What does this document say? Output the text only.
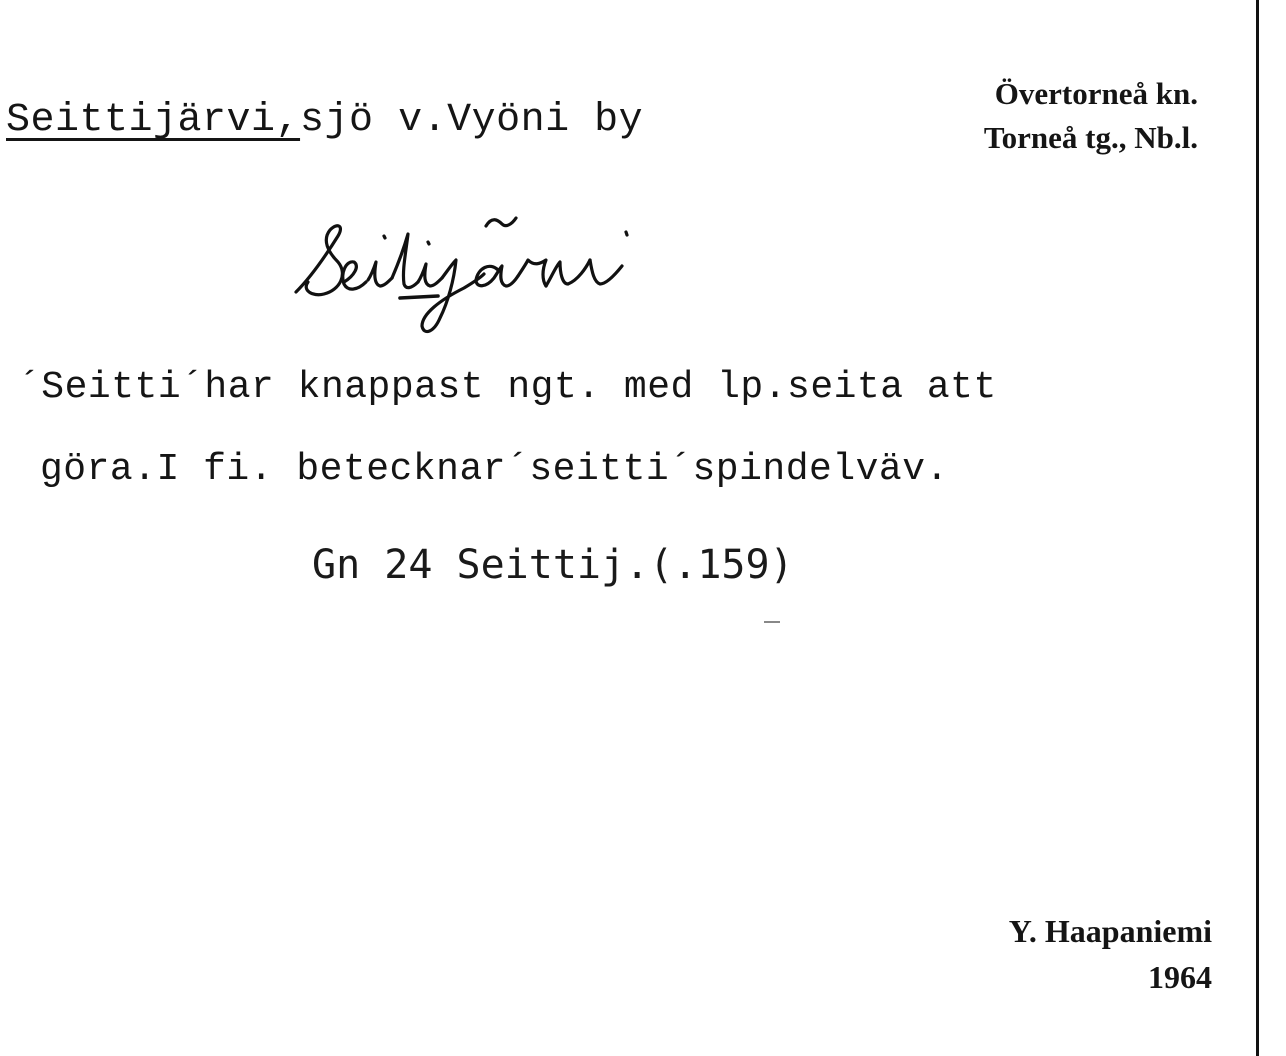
Seittijärvi,sjö v.Vyöni by
Övertorneå kn.
Torneå tg., Nb.l.
´Seitti´har knappast ngt. med lp.seita att
göra.I fi. betecknar´seitti´spindelväv.
Gn 24 Seittij.(.159)
Y. Haapaniemi
1964
